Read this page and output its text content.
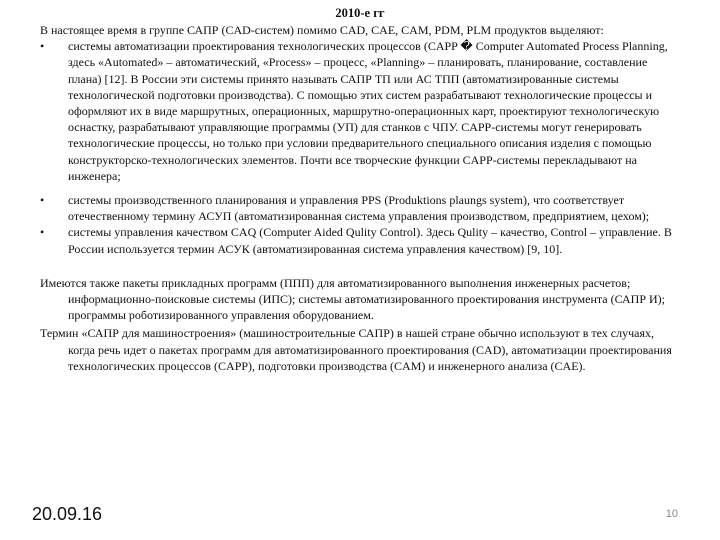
2010-е гг

В настоящее время в группе САПР (CAD-систем) помимо CAD, CAE, CAM, PDM, PLM продуктов выделяют:

• системы автоматизации проектирования технологических процессов (CAPP � Computer Automated Process Planning, здесь «Automated» – автоматический, «Process» – процесс, «Planning» – планировать, планирование, составление плана) [12]. В России эти системы принято называть САПР ТП или АС ТПП (автоматизированные системы технологической подготовки производства). С помощью этих систем разрабатывают технологические процессы и оформляют их в виде маршрутных, операционных, маршрутно-операционных карт, проектируют технологическую оснастку, разрабатывают управляющие программы (УП) для станков с ЧПУ. CAPP-системы могут генерировать технологические процессы, но только при условии предварительного специального описания изделия с помощью конструкторско-технологических элементов. Почти все творческие функции CAPP-системы перекладывают на инженера;
• системы производственного планирования и управления PPS (Produktions plaungs system), что соответствует отечественному термину АСУП (автоматизированная система управления производством, предприятием, цехом);
• системы управления качеством CAQ (Computer Aided Qulity Control). Здесь Qulity – качество, Control – управление. В России используется термин АСУК (автоматизированная система управления качеством) [9, 10].

Имеются также пакеты прикладных программ (ППП) для автоматизированного выполнения инженерных расчетов; информационно-поисковые системы (ИПС); системы автоматизированного проектирования инструмента (САПР И); программы роботизированного управления оборудованием.

Термин «САПР для машиностроения» (машиностроительные САПР) в нашей стране обычно используют в тех случаях, когда речь идет о пакетах программ для автоматизированного проектирования (CAD), автоматизации проектирования технологических процессов (CAPP), подготовки производства (CAM) и инженерного анализа (CAE).

20.09.16	10
